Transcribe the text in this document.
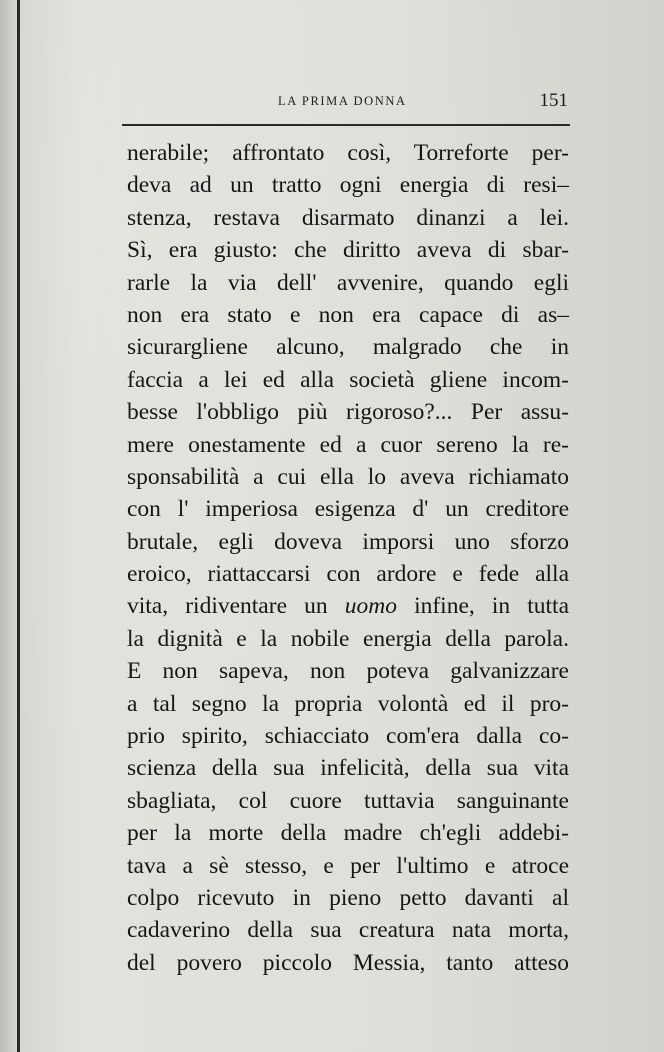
LA PRIMA DONNA	151
nerabile; affrontato così, Torreforte per-
deva ad un tratto ogni energia di resi–
stenza, restava disarmato dinanzi a lei.
Sì, era giusto: che diritto aveva di sbar-
rarle la via dell' avvenire, quando egli
non era stato e non era capace di as–
sicurargliene alcuno, malgrado che in
faccia a lei ed alla società gliene incom-
besse l'obbligo più rigoroso?... Per assu-
mere onestamente ed a cuor sereno la re-
sponsabilità a cui ella lo aveva richiamato
con l' imperiosa esigenza d' un creditore
brutale, egli doveva imporsi uno sforzo
eroico, riattaccarsi con ardore e fede alla
vita, ridiventare un uomo infine, in tutta
la dignità e la nobile energia della parola.
E non sapeva, non poteva galvanizzare
a tal segno la propria volontà ed il pro-
prio spirito, schiacciato com'era dalla co-
scienza della sua infelicità, della sua vita
sbagliata, col cuore tuttavia sanguinante
per la morte della madre ch'egli addebi-
tava a sè stesso, e per l'ultimo e atroce
colpo ricevuto in pieno petto davanti al
cadaverino della sua creatura nata morta,
del povero piccolo Messia, tanto atteso
